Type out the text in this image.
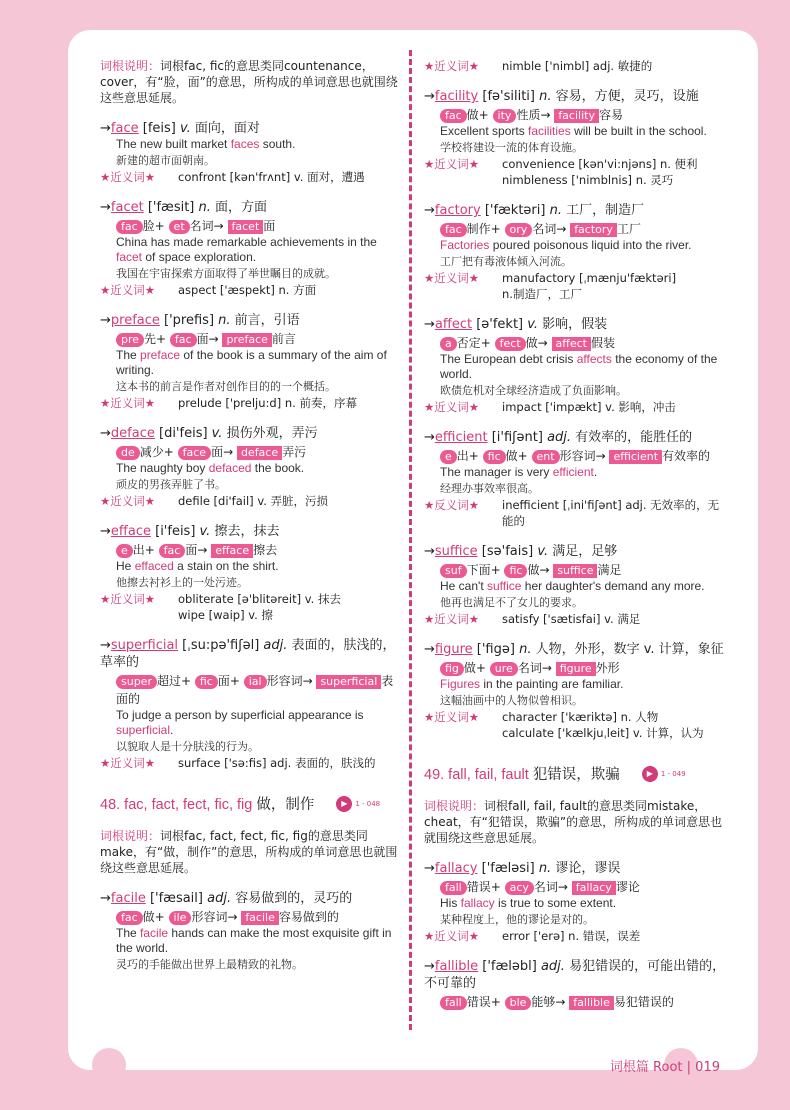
词根说明：词根fac, fic的意思类同countenance，cover，有“脸，面”的意思，所构成的单词意思也就围绕这些意思延展。
→face [feis] v. 面向，面对
The new built market faces south.
新建的超市面朝南。
★近义词★	confront [kən'frʌnt] v. 面对，遭遇
→facet ['fæsit] n. 面，方面
fac 脸+ et 名词→ facet 面
China has made remarkable achievements in the facet of space exploration.
我国在宇宙探索方面取得了举世瞩目的成就。
★近义词★	aspect ['æspekt] n. 方面
→preface ['prefis] n. 前言，引语
pre 先+ fac 面→ preface 前言
The preface of the book is a summary of the aim of writing.
这本书的前言是作者对创作目的的一个概括。
★近义词★	prelude ['prelju:d] n. 前奏，序幕
→deface [di'feis] v. 损伤外观，弄污
de 减少+ face 面→ deface 弄污
The naughty boy defaced the book.
顽皮的男孩弄脏了书。
★近义词★	defile [di'fail] v. 弄脏，污损
→efface [i'feis] v. 擦去，抹去
e 出+ fac 面→ efface 擦去
He effaced a stain on the shirt.
他擦去衬衫上的一处污迹。
★近义词★	obliterate [ə'blitəreit] v. 抹去
wipe [waip] v. 擦
→superficial [ˌsu:pə'fiʃəl] adj. 表面的，肤浅的，草率的
super 超过+ fic 面+ ial 形容词→ superficial 表面的
To judge a person by superficial appearance is superficial.
以貌取人是十分肤浅的行为。
★近义词★	surface ['sə:fis] adj. 表面的，肤浅的
48. fac, fact, fect, fic, fig 做，制作	▶	1 - 048
词根说明：词根fac, fact, fect, fic, fig的意思类同make，有“做，制作”的意思，所构成的单词意思也就围绕这些意思延展。
→facile ['fæsail] adj. 容易做到的，灵巧的
fac 做+ ile 形容词→ facile 容易做到的
The facile hands can make the most exquisite gift in the world.
灵巧的手能做出世界上最精致的礼物。
★近义词★	nimble ['nimbl] adj. 敏捷的
→facility [fə'siliti] n. 容易，方便，灵巧，设施
fac 做+ ity 性质→ facility 容易
Excellent sports facilities will be built in the school.
学校将建设一流的体育设施。
★近义词★	convenience [kən'vi:njəns] n. 便利
nimbleness ['nimblnis] n. 灵巧
→factory ['fæktəri] n. 工厂，制造厂
fac 制作+ ory 名词→ factory 工厂
Factories poured poisonous liquid into the river.
工厂把有毒液体倾入河流。
★近义词★	manufactory [ˌmænju'fæktəri]
n.制造厂，工厂
→affect [ə'fekt] v. 影响，假装
a 否定+ fect 做→ affect 假装
The European debt crisis affects the economy of the world.
欧债危机对全球经济造成了负面影响。
★近义词★	impact ['impækt] v. 影响，冲击
→efficient [i'fiʃənt] adj. 有效率的，能胜任的
e 出+ fic 做+ ent 形容词→ efficient 有效率的
The manager is very efficient.
经理办事效率很高。
★反义词★	inefficient [ˌini'fiʃənt] adj. 无效率的，无能的
→suffice [sə'fais] v. 满足，足够
suf 下面+ fic 做→ suffice 满足
He can't suffice her daughter's demand any more.
他再也满足不了女儿的要求。
★近义词★	satisfy ['sætisfai] v. 满足
→figure ['figə] n. 人物，外形，数字 v. 计算，象征
fig 做+ ure 名词→ figure 外形
Figures in the painting are familiar.
这幅油画中的人物似曾相识。
★近义词★	character ['kæriktə] n. 人物
calculate ['kælkjuˌleit] v. 计算，认为
49. fall, fail, fault 犯错误，欺骗	▶	1 - 049
词根说明：词根fall, fail, fault的意思类同mistake，cheat，有“犯错误，欺骗”的意思，所构成的单词意思也就围绕这些意思延展。
→fallacy ['fæləsi] n. 谬论，谬误
fall 错误+ acy 名词→ fallacy 谬论
His fallacy is true to some extent.
某种程度上，他的谬论是对的。
★近义词★	error ['erə] n. 错误，误差
→fallible ['fæləbl] adj. 易犯错误的，可能出错的，不可靠的
fall 错误+ ble 能够→ fallible 易犯错误的
词根篇 Root | 019
